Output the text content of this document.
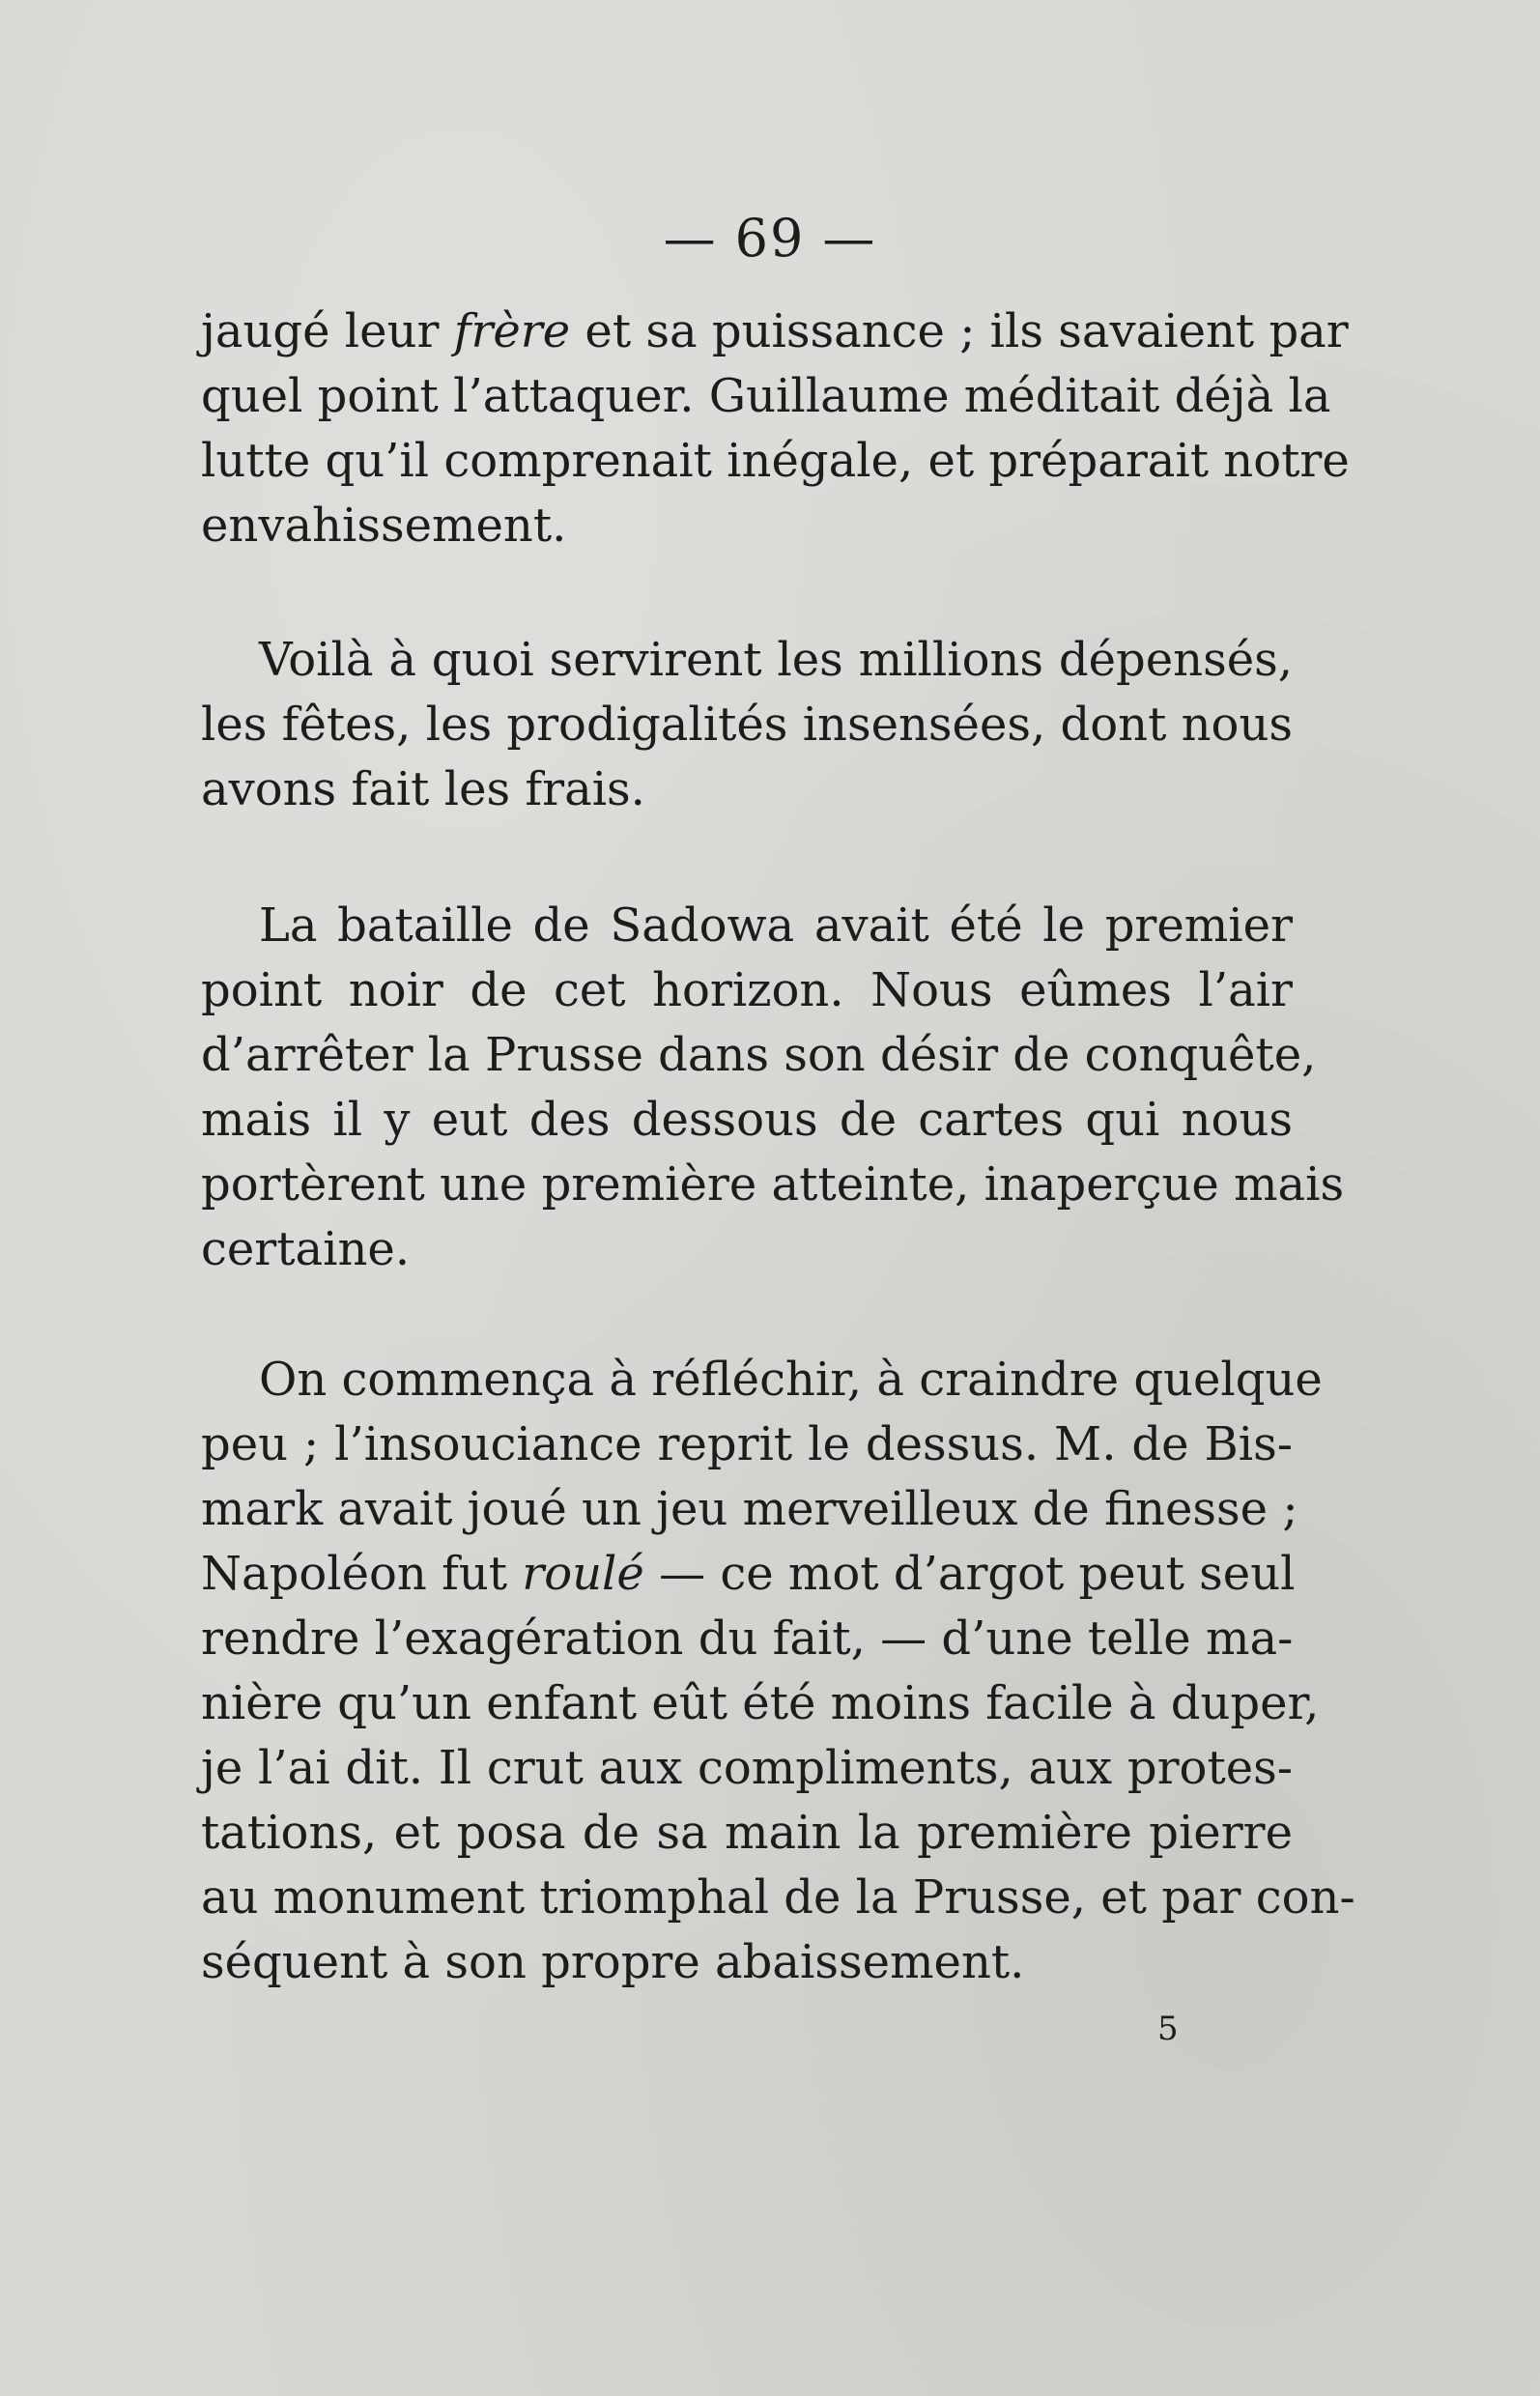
— 69 —
jaugé leur frère et sa puissance ; ils savaient par
quel point l’attaquer. Guillaume méditait déjà la
lutte qu’il comprenait inégale, et préparait notre
envahissement.
Voilà à quoi servirent les millions dépensés,
les fêtes, les prodigalités insensées, dont nous
avons fait les frais.
La bataille de Sadowa avait été le premier
point noir de cet horizon. Nous eûmes l’air
d’arrêter la Prusse dans son désir de conquête,
mais il y eut des dessous de cartes qui nous
portèrent une première atteinte, inaperçue mais
certaine.
On commença à réfléchir, à craindre quelque
peu ; l’insouciance reprit le dessus. M. de Bis-
mark avait joué un jeu merveilleux de finesse ;
Napoléon fut roulé — ce mot d’argot peut seul
rendre l’exagération du fait, — d’une telle ma-
nière qu’un enfant eût été moins facile à duper,
je l’ai dit. Il crut aux compliments, aux protes-
tations, et posa de sa main la première pierre
au monument triomphal de la Prusse, et par con-
séquent à son propre abaissement.
5
